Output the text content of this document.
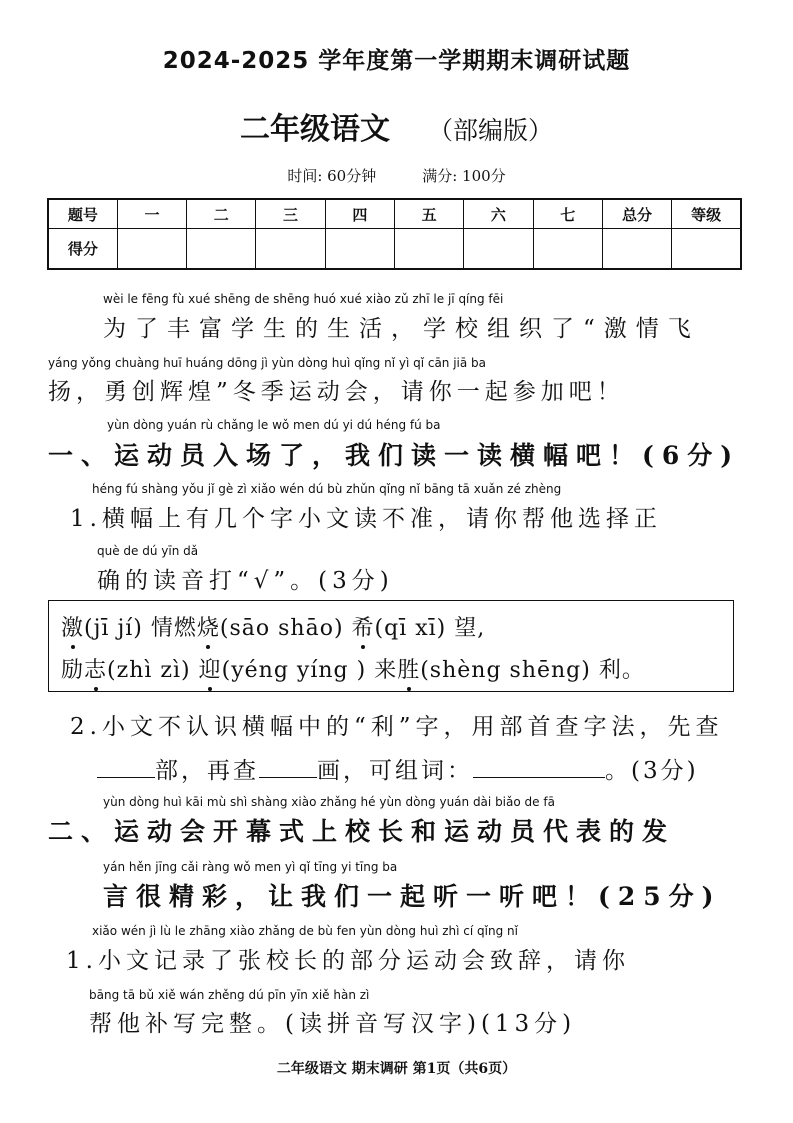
2024-2025 学年度第一学期期末调研试题
二年级语文 （部编版）
时间: 60分钟	满分: 100分
题号	一	二	三	四	五	六	七	总分	等级
得分									
wèi le fēng fù xué shēng de shēng huó xué xiào zǔ zhī le jī qíng fēi
为了丰富学生的生活，学校组织了“激情飞
yáng yǒng chuàng huī huáng dōng jì yùn dòng huì qǐng nǐ yì qǐ cān jiā ba
扬，勇创辉煌”冬季运动会，请你一起参加吧！
yùn dòng yuán rù chǎng le wǒ men dú yi dú héng fú ba
一、运动员入场了，我们读一读横幅吧！(6分)
héng fú shàng yǒu jǐ gè zì xiǎo wén dú bù zhǔn qǐng nǐ bāng tā xuǎn zé zhèng
1.横幅上有几个字小文读不准，请你帮他选择正
què de dú yīn dǎ
确的读音打“√”。(3分)
激(jī jí) 情燃烧(sāo shāo) 希(qī xī) 望,
励志(zhì zì) 迎(yéng yíng ) 来胜(shèng shēng) 利。
2.小文不认识横幅中的“利”字，用部首查字法，先查
部，再查	画，可组词：	。(3分)
yùn dòng huì kāi mù shì shàng xiào zhǎng hé yùn dòng yuán dài biǎo de fā
二、运动会开幕式上校长和运动员代表的发
yán hěn jīng cǎi ràng wǒ men yì qǐ tīng yi tīng ba
言很精彩，让我们一起听一听吧！(25分)
xiǎo wén jì lù le zhāng xiào zhǎng de bù fen yùn dòng huì zhì cí qǐng nǐ
1.小文记录了张校长的部分运动会致辞，请你
bāng tā bǔ xiě wán zhěng dú pīn yīn xiě hàn zì
帮他补写完整。(读拼音写汉字)(13分)
二年级语文 期末调研 第1页（共6页）
